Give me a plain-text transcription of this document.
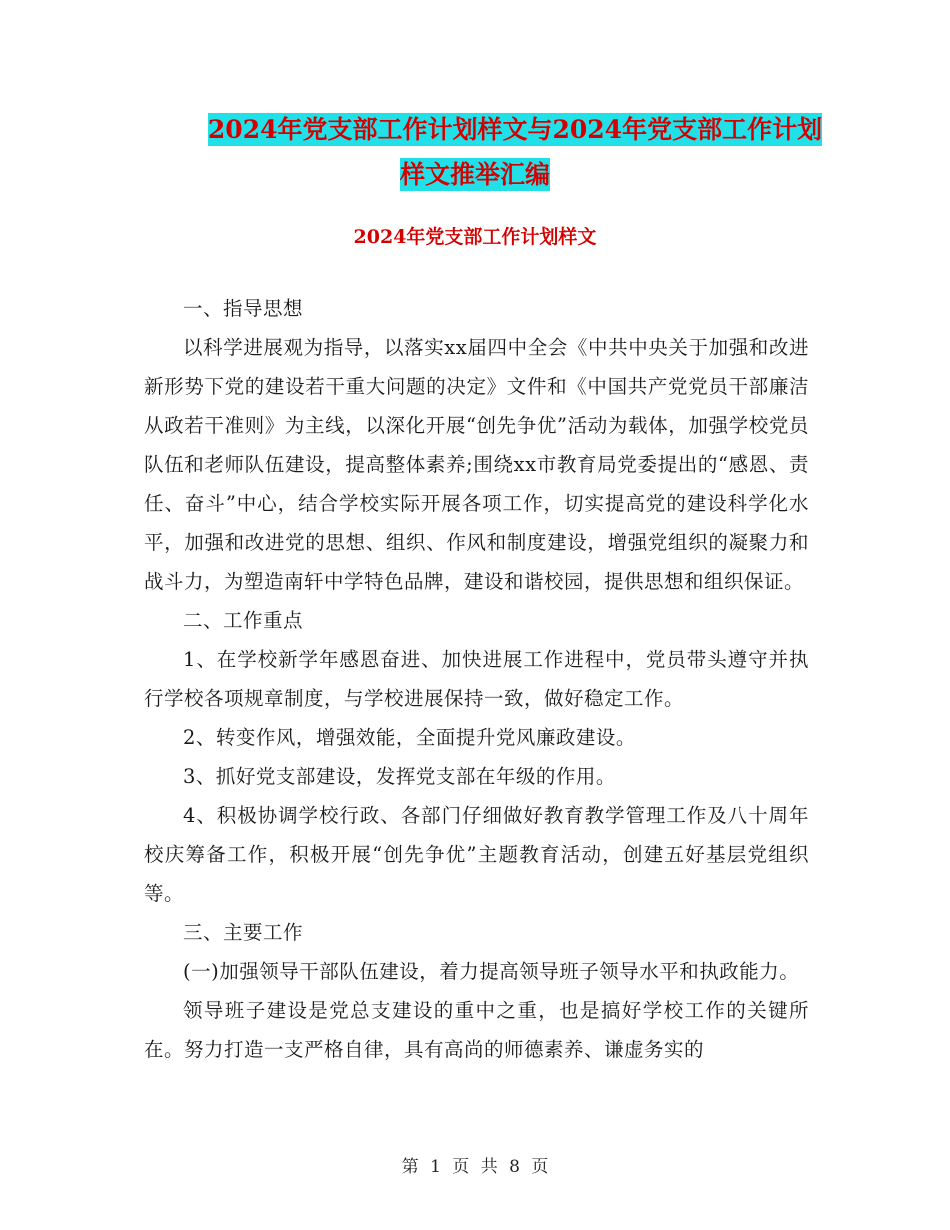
2024年党支部工作计划样文与2024年党支部工作计划
样文推举汇编
2024年党支部工作计划样文

一、指导思想

以科学进展观为指导，以落实xx届四中全会《中共中央关于加强和改进新形势下党的建设若干重大问题的决定》文件和《中国共产党党员干部廉洁从政若干准则》为主线，以深化开展“创先争优”活动为载体，加强学校党员队伍和老师队伍建设，提高整体素养;围绕xx市教育局党委提出的“感恩、责任、奋斗”中心，结合学校实际开展各项工作，切实提高党的建设科学化水平，加强和改进党的思想、组织、作风和制度建设，增强党组织的凝聚力和战斗力，为塑造南轩中学特色品牌，建设和谐校园，提供思想和组织保证。

二、工作重点

1、在学校新学年感恩奋进、加快进展工作进程中，党员带头遵守并执行学校各项规章制度，与学校进展保持一致，做好稳定工作。

2、转变作风，增强效能，全面提升党风廉政建设。

3、抓好党支部建设，发挥党支部在年级的作用。

4、积极协调学校行政、各部门仔细做好教育教学管理工作及八十周年校庆筹备工作，积极开展“创先争优”主题教育活动，创建五好基层党组织等。

三、主要工作

(一)加强领导干部队伍建设，着力提高领导班子领导水平和执政能力。

领导班子建设是党总支建设的重中之重，也是搞好学校工作的关键所在。努力打造一支严格自律，具有高尚的师德素养、谦虚务实的

第 1 页 共 8 页
